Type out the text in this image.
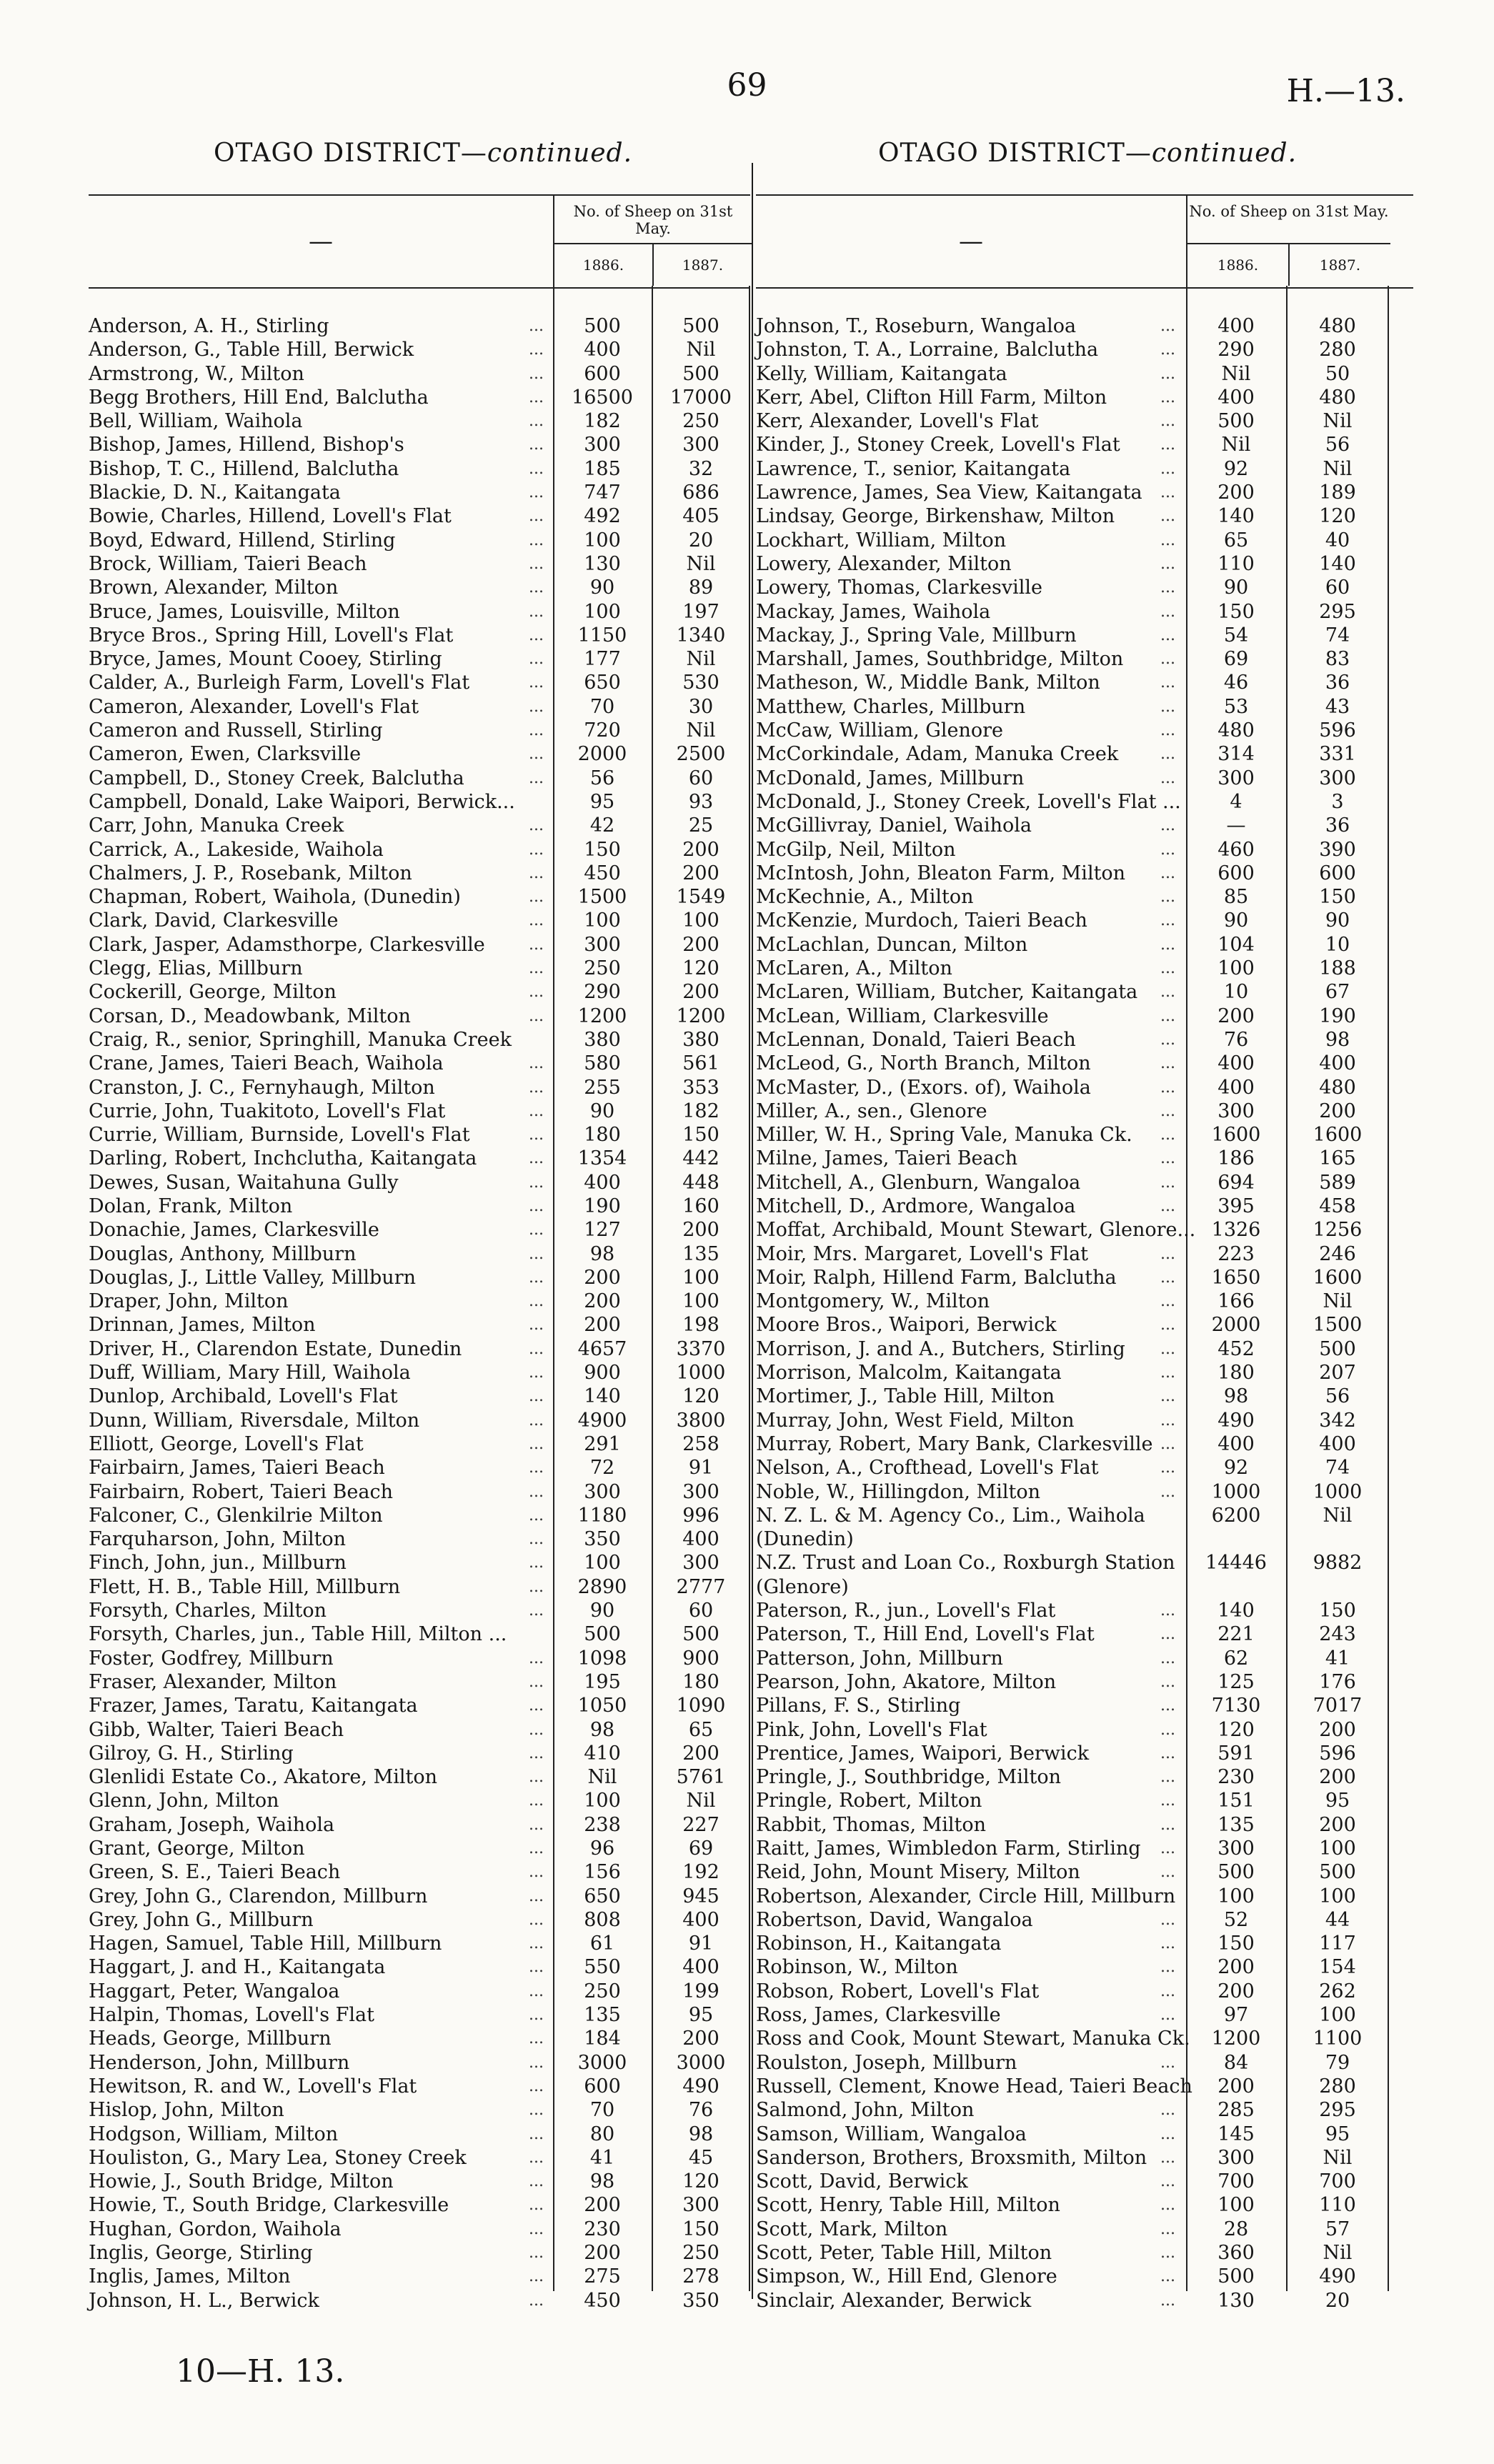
69	H.—13.
OTAGO DISTRICT—continued.	OTAGO DISTRICT—continued.
—
No. of Sheep on 31st May.
1886.	1887.
Anderson, A. H., Stirling	...	500	500
Anderson, G., Table Hill, Berwick	...	400	Nil
Armstrong, W., Milton	...	600	500
Begg Brothers, Hill End, Balclutha	...	16500	17000
Bell, William, Waihola	...	182	250
Bishop, James, Hillend, Bishop's	...	300	300
Bishop, T. C., Hillend, Balclutha	...	185	32
Blackie, D. N., Kaitangata	...	747	686
Bowie, Charles, Hillend, Lovell's Flat	...	492	405
Boyd, Edward, Hillend, Stirling	...	100	20
Brock, William, Taieri Beach	...	130	Nil
Brown, Alexander, Milton	...	90	89
Bruce, James, Louisville, Milton	...	100	197
Bryce Bros., Spring Hill, Lovell's Flat	...	1150	1340
Bryce, James, Mount Cooey, Stirling	...	177	Nil
Calder, A., Burleigh Farm, Lovell's Flat	...	650	530
Cameron, Alexander, Lovell's Flat	...	70	30
Cameron and Russell, Stirling	...	720	Nil
Cameron, Ewen, Clarksville	...	2000	2500
Campbell, D., Stoney Creek, Balclutha	...	56	60
Campbell, Donald, Lake Waipori, Berwick...	95	93
Carr, John, Manuka Creek	...	42	25
Carrick, A., Lakeside, Waihola	...	150	200
Chalmers, J. P., Rosebank, Milton	...	450	200
Chapman, Robert, Waihola, (Dunedin)	...	1500	1549
Clark, David, Clarkesville	...	100	100
Clark, Jasper, Adamsthorpe, Clarkesville	...	300	200
Clegg, Elias, Millburn	...	250	120
Cockerill, George, Milton	...	290	200
Corsan, D., Meadowbank, Milton	...	1200	1200
Craig, R., senior, Springhill, Manuka Creek	380	380
Crane, James, Taieri Beach, Waihola	...	580	561
Cranston, J. C., Fernyhaugh, Milton	...	255	353
Currie, John, Tuakitoto, Lovell's Flat	...	90	182
Currie, William, Burnside, Lovell's Flat	...	180	150
Darling, Robert, Inchclutha, Kaitangata	...	1354	442
Dewes, Susan, Waitahuna Gully	...	400	448
Dolan, Frank, Milton	...	190	160
Donachie, James, Clarkesville	...	127	200
Douglas, Anthony, Millburn	...	98	135
Douglas, J., Little Valley, Millburn	...	200	100
Draper, John, Milton	...	200	100
Drinnan, James, Milton	...	200	198
Driver, H., Clarendon Estate, Dunedin	...	4657	3370
Duff, William, Mary Hill, Waihola	...	900	1000
Dunlop, Archibald, Lovell's Flat	...	140	120
Dunn, William, Riversdale, Milton	...	4900	3800
Elliott, George, Lovell's Flat	...	291	258
Fairbairn, James, Taieri Beach	...	72	91
Fairbairn, Robert, Taieri Beach	...	300	300
Falconer, C., Glenkilrie Milton	...	1180	996
Farquharson, John, Milton	...	350	400
Finch, John, jun., Millburn	...	100	300
Flett, H. B., Table Hill, Millburn	...	2890	2777
Forsyth, Charles, Milton	...	90	60
Forsyth, Charles, jun., Table Hill, Milton ...	500	500
Foster, Godfrey, Millburn	...	1098	900
Fraser, Alexander, Milton	...	195	180
Frazer, James, Taratu, Kaitangata	...	1050	1090
Gibb, Walter, Taieri Beach	...	98	65
Gilroy, G. H., Stirling	...	410	200
Glenlidi Estate Co., Akatore, Milton	...	Nil	5761
Glenn, John, Milton	...	100	Nil
Graham, Joseph, Waihola	...	238	227
Grant, George, Milton	...	96	69
Green, S. E., Taieri Beach	...	156	192
Grey, John G., Clarendon, Millburn	...	650	945
Grey, John G., Millburn	...	808	400
Hagen, Samuel, Table Hill, Millburn	...	61	91
Haggart, J. and H., Kaitangata	...	550	400
Haggart, Peter, Wangaloa	...	250	199
Halpin, Thomas, Lovell's Flat	...	135	95
Heads, George, Millburn	...	184	200
Henderson, John, Millburn	...	3000	3000
Hewitson, R. and W., Lovell's Flat	...	600	490
Hislop, John, Milton	...	70	76
Hodgson, William, Milton	...	80	98
Houliston, G., Mary Lea, Stoney Creek	...	41	45
Howie, J., South Bridge, Milton	...	98	120
Howie, T., South Bridge, Clarkesville	...	200	300
Hughan, Gordon, Waihola	...	230	150
Inglis, George, Stirling	...	200	250
Inglis, James, Milton	...	275	278
Johnson, H. L., Berwick	...	450	350
—
No. of Sheep on 31st May.
1886.	1887.
Johnson, T., Roseburn, Wangaloa	...	400	480
Johnston, T. A., Lorraine, Balclutha	...	290	280
Kelly, William, Kaitangata	...	Nil	50
Kerr, Abel, Clifton Hill Farm, Milton	...	400	480
Kerr, Alexander, Lovell's Flat	...	500	Nil
Kinder, J., Stoney Creek, Lovell's Flat	...	Nil	56
Lawrence, T., senior, Kaitangata	...	92	Nil
Lawrence, James, Sea View, Kaitangata ...	200	189
Lindsay, George, Birkenshaw, Milton	...	140	120
Lockhart, William, Milton	...	65	40
Lowery, Alexander, Milton	...	110	140
Lowery, Thomas, Clarkesville	...	90	60
Mackay, James, Waihola	...	150	295
Mackay, J., Spring Vale, Millburn	...	54	74
Marshall, James, Southbridge, Milton ...	69	83
Matheson, W., Middle Bank, Milton	...	46	36
Matthew, Charles, Millburn	...	53	43
McCaw, William, Glenore	...	480	596
McCorkindale, Adam, Manuka Creek	...	314	331
McDonald, James, Millburn	...	300	300
McDonald, J., Stoney Creek, Lovell's Flat ...	4	3
McGillivray, Daniel, Waihola	...	—	36
McGilp, Neil, Milton	...	460	390
McIntosh, John, Bleaton Farm, Milton ...	600	600
McKechnie, A., Milton	...	85	150
McKenzie, Murdoch, Taieri Beach	...	90	90
McLachlan, Duncan, Milton	...	104	10
McLaren, A., Milton	...	100	188
McLaren, William, Butcher, Kaitangata ...	10	67
McLean, William, Clarkesville	...	200	190
McLennan, Donald, Taieri Beach	...	76	98
McLeod, G., North Branch, Milton	...	400	400
McMaster, D., (Exors. of), Waihola	...	400	480
Miller, A., sen., Glenore	...	300	200
Miller, W. H., Spring Vale, Manuka Ck. ...	1600	1600
Milne, James, Taieri Beach	...	186	165
Mitchell, A., Glenburn, Wangaloa	...	694	589
Mitchell, D., Ardmore, Wangaloa	...	395	458
Moffat, Archibald, Mount Stewart, Glenore... 1326	1256
Moir, Mrs. Margaret, Lovell's Flat	...	223	246
Moir, Ralph, Hillend Farm, Balclutha	...	1650	1600
Montgomery, W., Milton	...	166	Nil
Moore Bros., Waipori, Berwick	...	2000	1500
Morrison, J. and A., Butchers, Stirling ...	452	500
Morrison, Malcolm, Kaitangata	...	180	207
Mortimer, J., Table Hill, Milton	...	98	56
Murray, John, West Field, Milton	...	490	342
Murray, Robert, Mary Bank, Clarkesville ...	400	400
Nelson, A., Crofthead, Lovell's Flat	...	92	74
Noble, W., Hillingdon, Milton	...	1000	1000
N. Z. L. & M. Agency Co., Lim., Waihola	6200	Nil
(Dunedin)
N.Z. Trust and Loan Co., Roxburgh Station	14446	9882
(Glenore)
Paterson, R., jun., Lovell's Flat	...	140	150
Paterson, T., Hill End, Lovell's Flat	...	221	243
Patterson, John, Millburn	...	62	41
Pearson, John, Akatore, Milton	...	125	176
Pillans, F. S., Stirling	...	7130	7017
Pink, John, Lovell's Flat	...	120	200
Prentice, James, Waipori, Berwick	...	591	596
Pringle, J., Southbridge, Milton	...	230	200
Pringle, Robert, Milton	...	151	95
Rabbit, Thomas, Milton	...	135	200
Raitt, James, Wimbledon Farm, Stirling ...	300	100
Reid, John, Mount Misery, Milton	...	500	500
Robertson, Alexander, Circle Hill, Millburn	100	100
Robertson, David, Wangaloa	...	52	44
Robinson, H., Kaitangata	...	150	117
Robinson, W., Milton	...	200	154
Robson, Robert, Lovell's Flat	...	200	262
Ross, James, Clarkesville	...	97	100
Ross and Cook, Mount Stewart, Manuka Ck.	1200	1100
Roulston, Joseph, Millburn	...	84	79
Russell, Clement, Knowe Head, Taieri Beach	200	280
Salmond, John, Milton	...	285	295
Samson, William, Wangaloa	...	145	95
Sanderson, Brothers, Broxsmith, Milton ...	300	Nil
Scott, David, Berwick	...	700	700
Scott, Henry, Table Hill, Milton	...	100	110
Scott, Mark, Milton	...	28	57
Scott, Peter, Table Hill, Milton	...	360	Nil
Simpson, W., Hill End, Glenore	...	500	490
Sinclair, Alexander, Berwick	...	130	20
10—H. 13.
